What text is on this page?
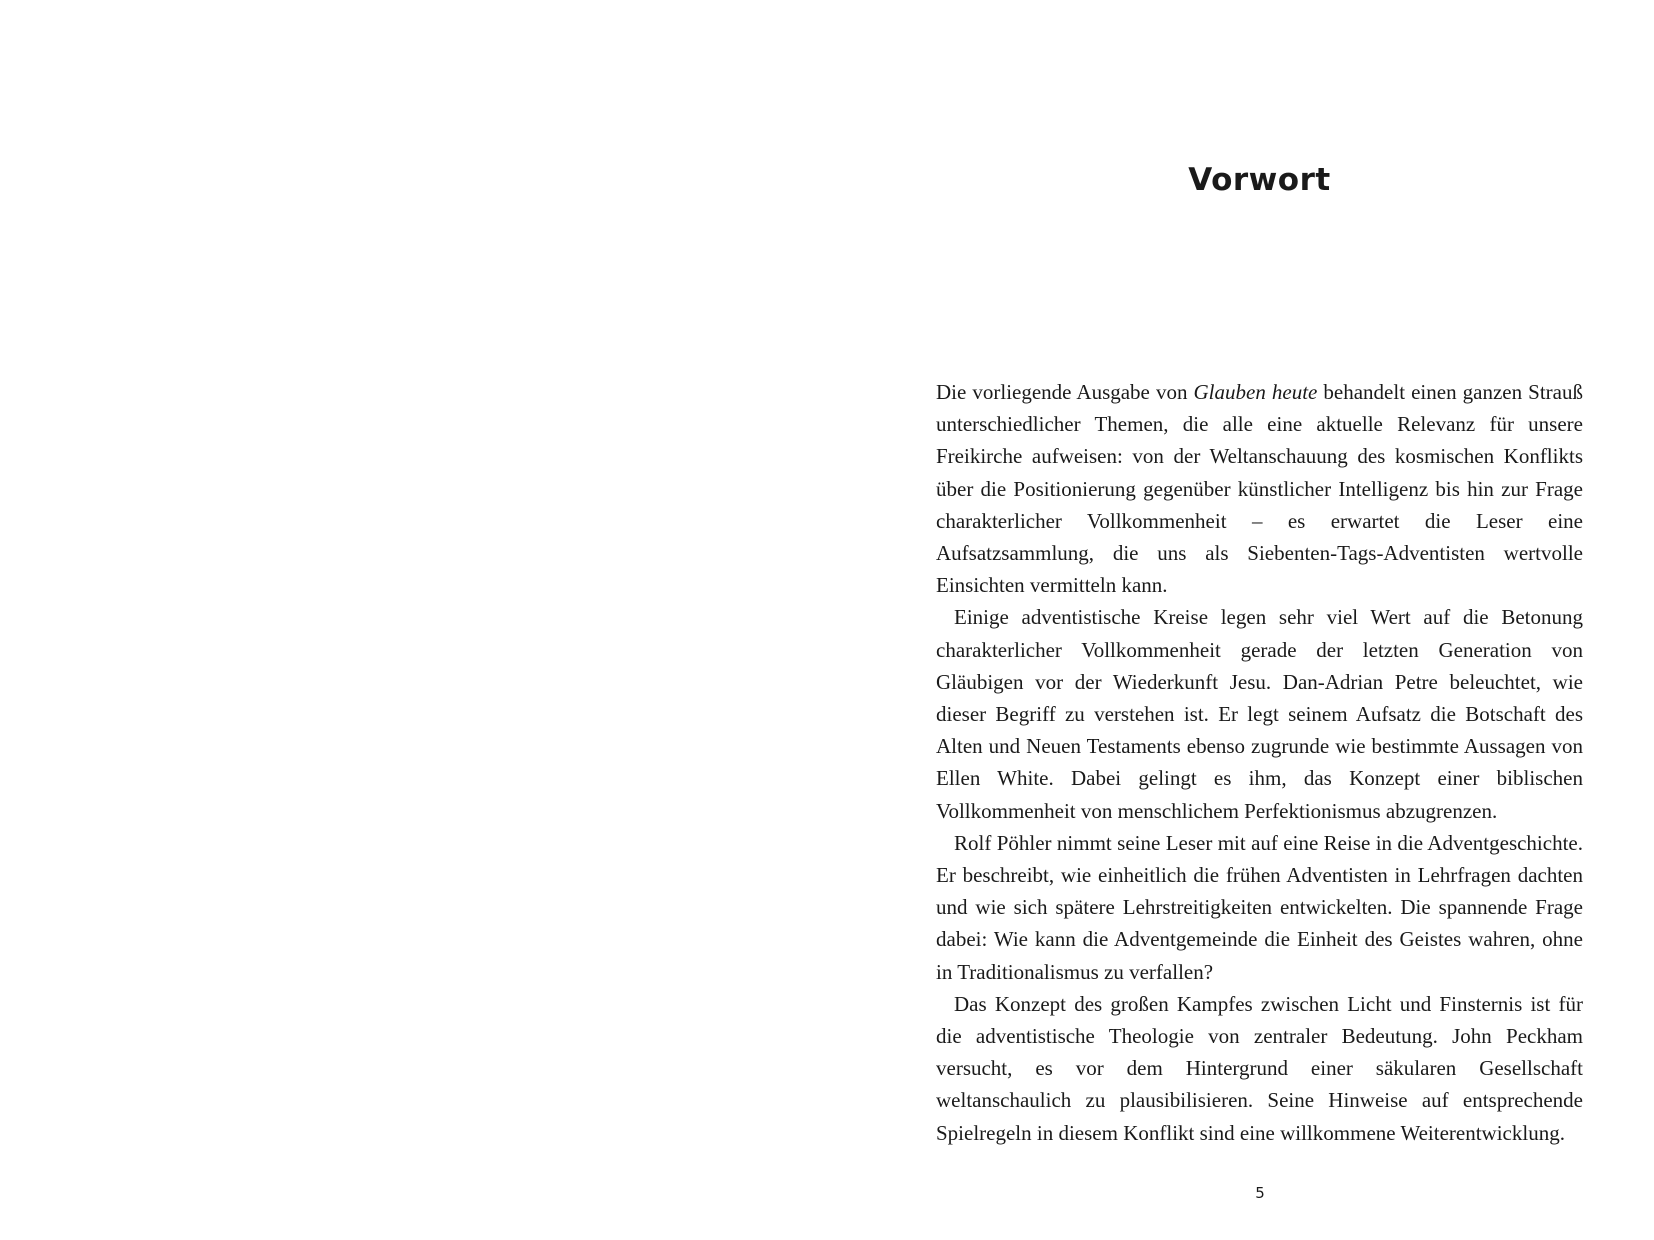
Vorwort

Die vorliegende Ausgabe von Glauben heute behandelt einen ganzen Strauß unterschiedlicher Themen, die alle eine aktuelle Relevanz für unsere Freikirche aufweisen: von der Weltanschauung des kosmischen Konflikts über die Positionierung gegenüber künstlicher Intelligenz bis hin zur Frage charakterlicher Vollkommenheit – es erwartet die Leser eine Aufsatzsammlung, die uns als Siebenten-Tags-Adventisten wertvolle Einsichten vermitteln kann.

Einige adventistische Kreise legen sehr viel Wert auf die Betonung charakterlicher Vollkommenheit gerade der letzten Generation von Gläubigen vor der Wiederkunft Jesu. Dan-Adrian Petre beleuchtet, wie dieser Begriff zu verstehen ist. Er legt seinem Aufsatz die Botschaft des Alten und Neuen Testaments ebenso zugrunde wie bestimmte Aussagen von Ellen White. Dabei gelingt es ihm, das Konzept einer biblischen Vollkommenheit von menschlichem Perfektionismus abzugrenzen.

Rolf Pöhler nimmt seine Leser mit auf eine Reise in die Adventgeschichte. Er beschreibt, wie einheitlich die frühen Adventisten in Lehrfragen dachten und wie sich spätere Lehrstreitigkeiten entwickelten. Die spannende Frage dabei: Wie kann die Adventgemeinde die Einheit des Geistes wahren, ohne in Traditionalismus zu verfallen?

Das Konzept des großen Kampfes zwischen Licht und Finsternis ist für die adventistische Theologie von zentraler Bedeutung. John Peckham versucht, es vor dem Hintergrund einer säkularen Gesellschaft weltanschaulich zu plausibilisieren. Seine Hinweise auf entsprechende Spielregeln in diesem Konflikt sind eine willkommene Weiterentwicklung.

5
